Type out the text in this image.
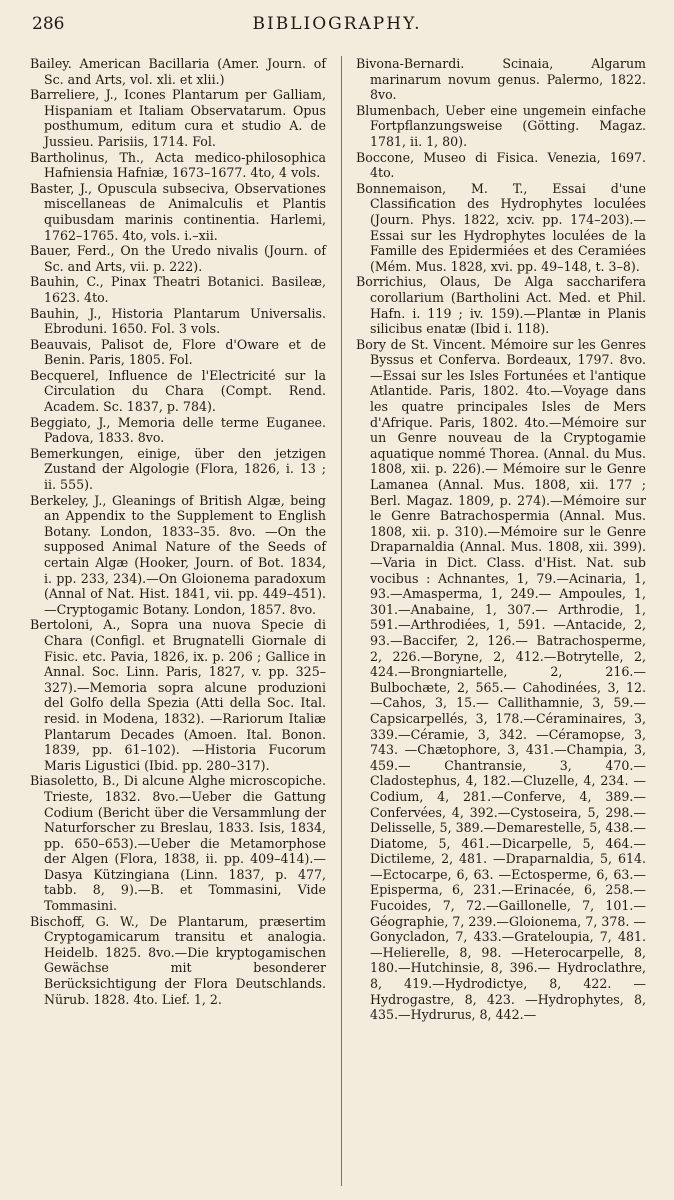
286	BIBLIOGRAPHY.

Bailey. American Bacillaria (Amer. Journ. of Sc. and Arts, vol. xli. et xlii.)

Barreliere, J., Icones Plantarum per Galliam, Hispaniam et Italiam Observatarum. Opus posthumum, editum cura et studio A. de Jussieu. Parisiis, 1714. Fol.

Bartholinus, Th., Acta medico-philosophica Hafniensia Hafniæ, 1673–1677. 4to, 4 vols.

Baster, J., Opuscula subseciva, Observationes miscellaneas de Animalculis et Plantis quibusdam marinis continentia. Harlemi, 1762–1765. 4to, vols. i.–xii.

Bauer, Ferd., On the Uredo nivalis (Journ. of Sc. and Arts, vii. p. 222).

Bauhin, C., Pinax Theatri Botanici. Basileæ, 1623. 4to.

Bauhin, J., Historia Plantarum Universalis. Ebroduni. 1650. Fol. 3 vols.

Beauvais, Palisot de, Flore d'Oware et de Benin. Paris, 1805. Fol.

Becquerel, Influence de l'Electricité sur la Circulation du Chara (Compt. Rend. Academ. Sc. 1837, p. 784).

Beggiato, J., Memoria delle terme Euganee. Padova, 1833. 8vo.

Bemerkungen, einige, über den jetzigen Zustand der Algologie (Flora, 1826, i. 13 ; ii. 555).

Berkeley, J., Gleanings of British Algæ, being an Appendix to the Supplement to English Botany. London, 1833–35. 8vo. —On the supposed Animal Nature of the Seeds of certain Algæ (Hooker, Journ. of Bot. 1834, i. pp. 233, 234).—On Gloionema paradoxum (Annal of Nat. Hist. 1841, vii. pp. 449–451).—Cryptogamic Botany. London, 1857. 8vo.

Bertoloni, A., Sopra una nuova Specie di Chara (Configl. et Brugnatelli Giornale di Fisic. etc. Pavia, 1826, ix. p. 206 ; Gallice in Annal. Soc. Linn. Paris, 1827, v. pp. 325–327).—Memoria sopra alcune produzioni del Golfo della Spezia (Atti della Soc. Ital. resid. in Modena, 1832). —Rariorum Italiæ Plantarum Decades (Amoen. Ital. Bonon. 1839, pp. 61–102). —Historia Fucorum Maris Ligustici (Ibid. pp. 280–317).

Biasoletto, B., Di alcune Alghe microscopiche. Trieste, 1832. 8vo.—Ueber die Gattung Codium (Bericht über die Versammlung der Naturforscher zu Breslau, 1833. Isis, 1834, pp. 650–653).—Ueber die Metamorphose der Algen (Flora, 1838, ii. pp. 409–414).— Dasya Kützingiana (Linn. 1837, p. 477, tabb. 8, 9).—B. et Tommasini, Vide Tommasini.

Bischoff, G. W., De Plantarum, præsertim Cryptogamicarum transitu et analogia. Heidelb. 1825. 8vo.—Die kryptogamischen Gewächse mit besonderer Berücksichtigung der Flora Deutschlands. Nürub. 1828. 4to. Lief. 1, 2.

Bivona-Bernardi. Scinaia, Algarum marinarum novum genus. Palermo, 1822. 8vo.

Blumenbach, Ueber eine ungemein einfache Fortpflanzungsweise (Götting. Magaz. 1781, ii. 1, 80).

Boccone, Museo di Fisica. Venezia, 1697. 4to.

Bonnemaison, M. T., Essai d'une Classification des Hydrophytes loculées (Journ. Phys. 1822, xciv. pp. 174–203).—Essai sur les Hydrophytes loculées de la Famille des Epidermiées et des Ceramiées (Mém. Mus. 1828, xvi. pp. 49–148, t. 3–8).

Borrichius, Olaus, De Alga saccharifera corollarium (Bartholini Act. Med. et Phil. Hafn. i. 119 ; iv. 159).—Plantæ in Planis silicibus enatæ (Ibid i. 118).

Bory de St. Vincent. Mémoire sur les Genres Byssus et Conferva. Bordeaux, 1797. 8vo.—Essai sur les Isles Fortunées et l'antique Atlantide. Paris, 1802. 4to.—Voyage dans les quatre principales Isles de Mers d'Afrique. Paris, 1802. 4to.—Mémoire sur un Genre nouveau de la Cryptogamie aquatique nommé Thorea. (Annal. du Mus. 1808, xii. p. 226).— Mémoire sur le Genre Lamanea (Annal. Mus. 1808, xii. 177 ; Berl. Magaz. 1809, p. 274).—Mémoire sur le Genre Batrachospermia (Annal. Mus. 1808, xii. p. 310).—Mémoire sur le Genre Draparnaldia (Annal. Mus. 1808, xii. 399).—Varia in Dict. Class. d'Hist. Nat. sub vocibus : Achnantes, 1, 79.—Acinaria, 1, 93.—Amasperma, 1, 249.— Ampoules, 1, 301.—Anabaine, 1, 307.— Arthrodie, 1, 591.—Arthrodiées, 1, 591. —Antacide, 2, 93.—Baccifer, 2, 126.— Batrachosperme, 2, 226.—Boryne, 2, 412.—Botrytelle, 2, 424.—Brongniartelle, 2, 216.—Bulbochæte, 2, 565.— Cahodinées, 3, 12. —Cahos, 3, 15.— Callithamnie, 3, 59.—Capsicarpellés, 3, 178.—Céraminaires, 3, 339.—Céramie, 3, 342. —Céramopse, 3, 743. —Chætophore, 3, 431.—Champia, 3, 459.— Chantransie, 3, 470.—Cladostephus, 4, 182.—Cluzelle, 4, 234. —Codium, 4, 281.—Conferve, 4, 389.—Confervées, 4, 392.—Cystoseira, 5, 298.—Delisselle, 5, 389.—Demarestelle, 5, 438.—Diatome, 5, 461.—Dicarpelle, 5, 464.—Dictileme, 2, 481. —Draparnaldia, 5, 614. —Ectocarpe, 6, 63. —Ectosperme, 6, 63.— Episperma, 6, 231.—Erinacée, 6, 258.— Fucoides, 7, 72.—Gaillonelle, 7, 101.— Géographie, 7, 239.—Gloionema, 7, 378. —Gonycladon, 7, 433.—Grateloupia, 7, 481. —Helierelle, 8, 98. —Heterocarpelle, 8, 180.—Hutchinsie, 8, 396.— Hydroclathre, 8, 419.—Hydrodictye, 8, 422. —Hydrogastre, 8, 423. —Hydrophytes, 8, 435.—Hydrurus, 8, 442.—
